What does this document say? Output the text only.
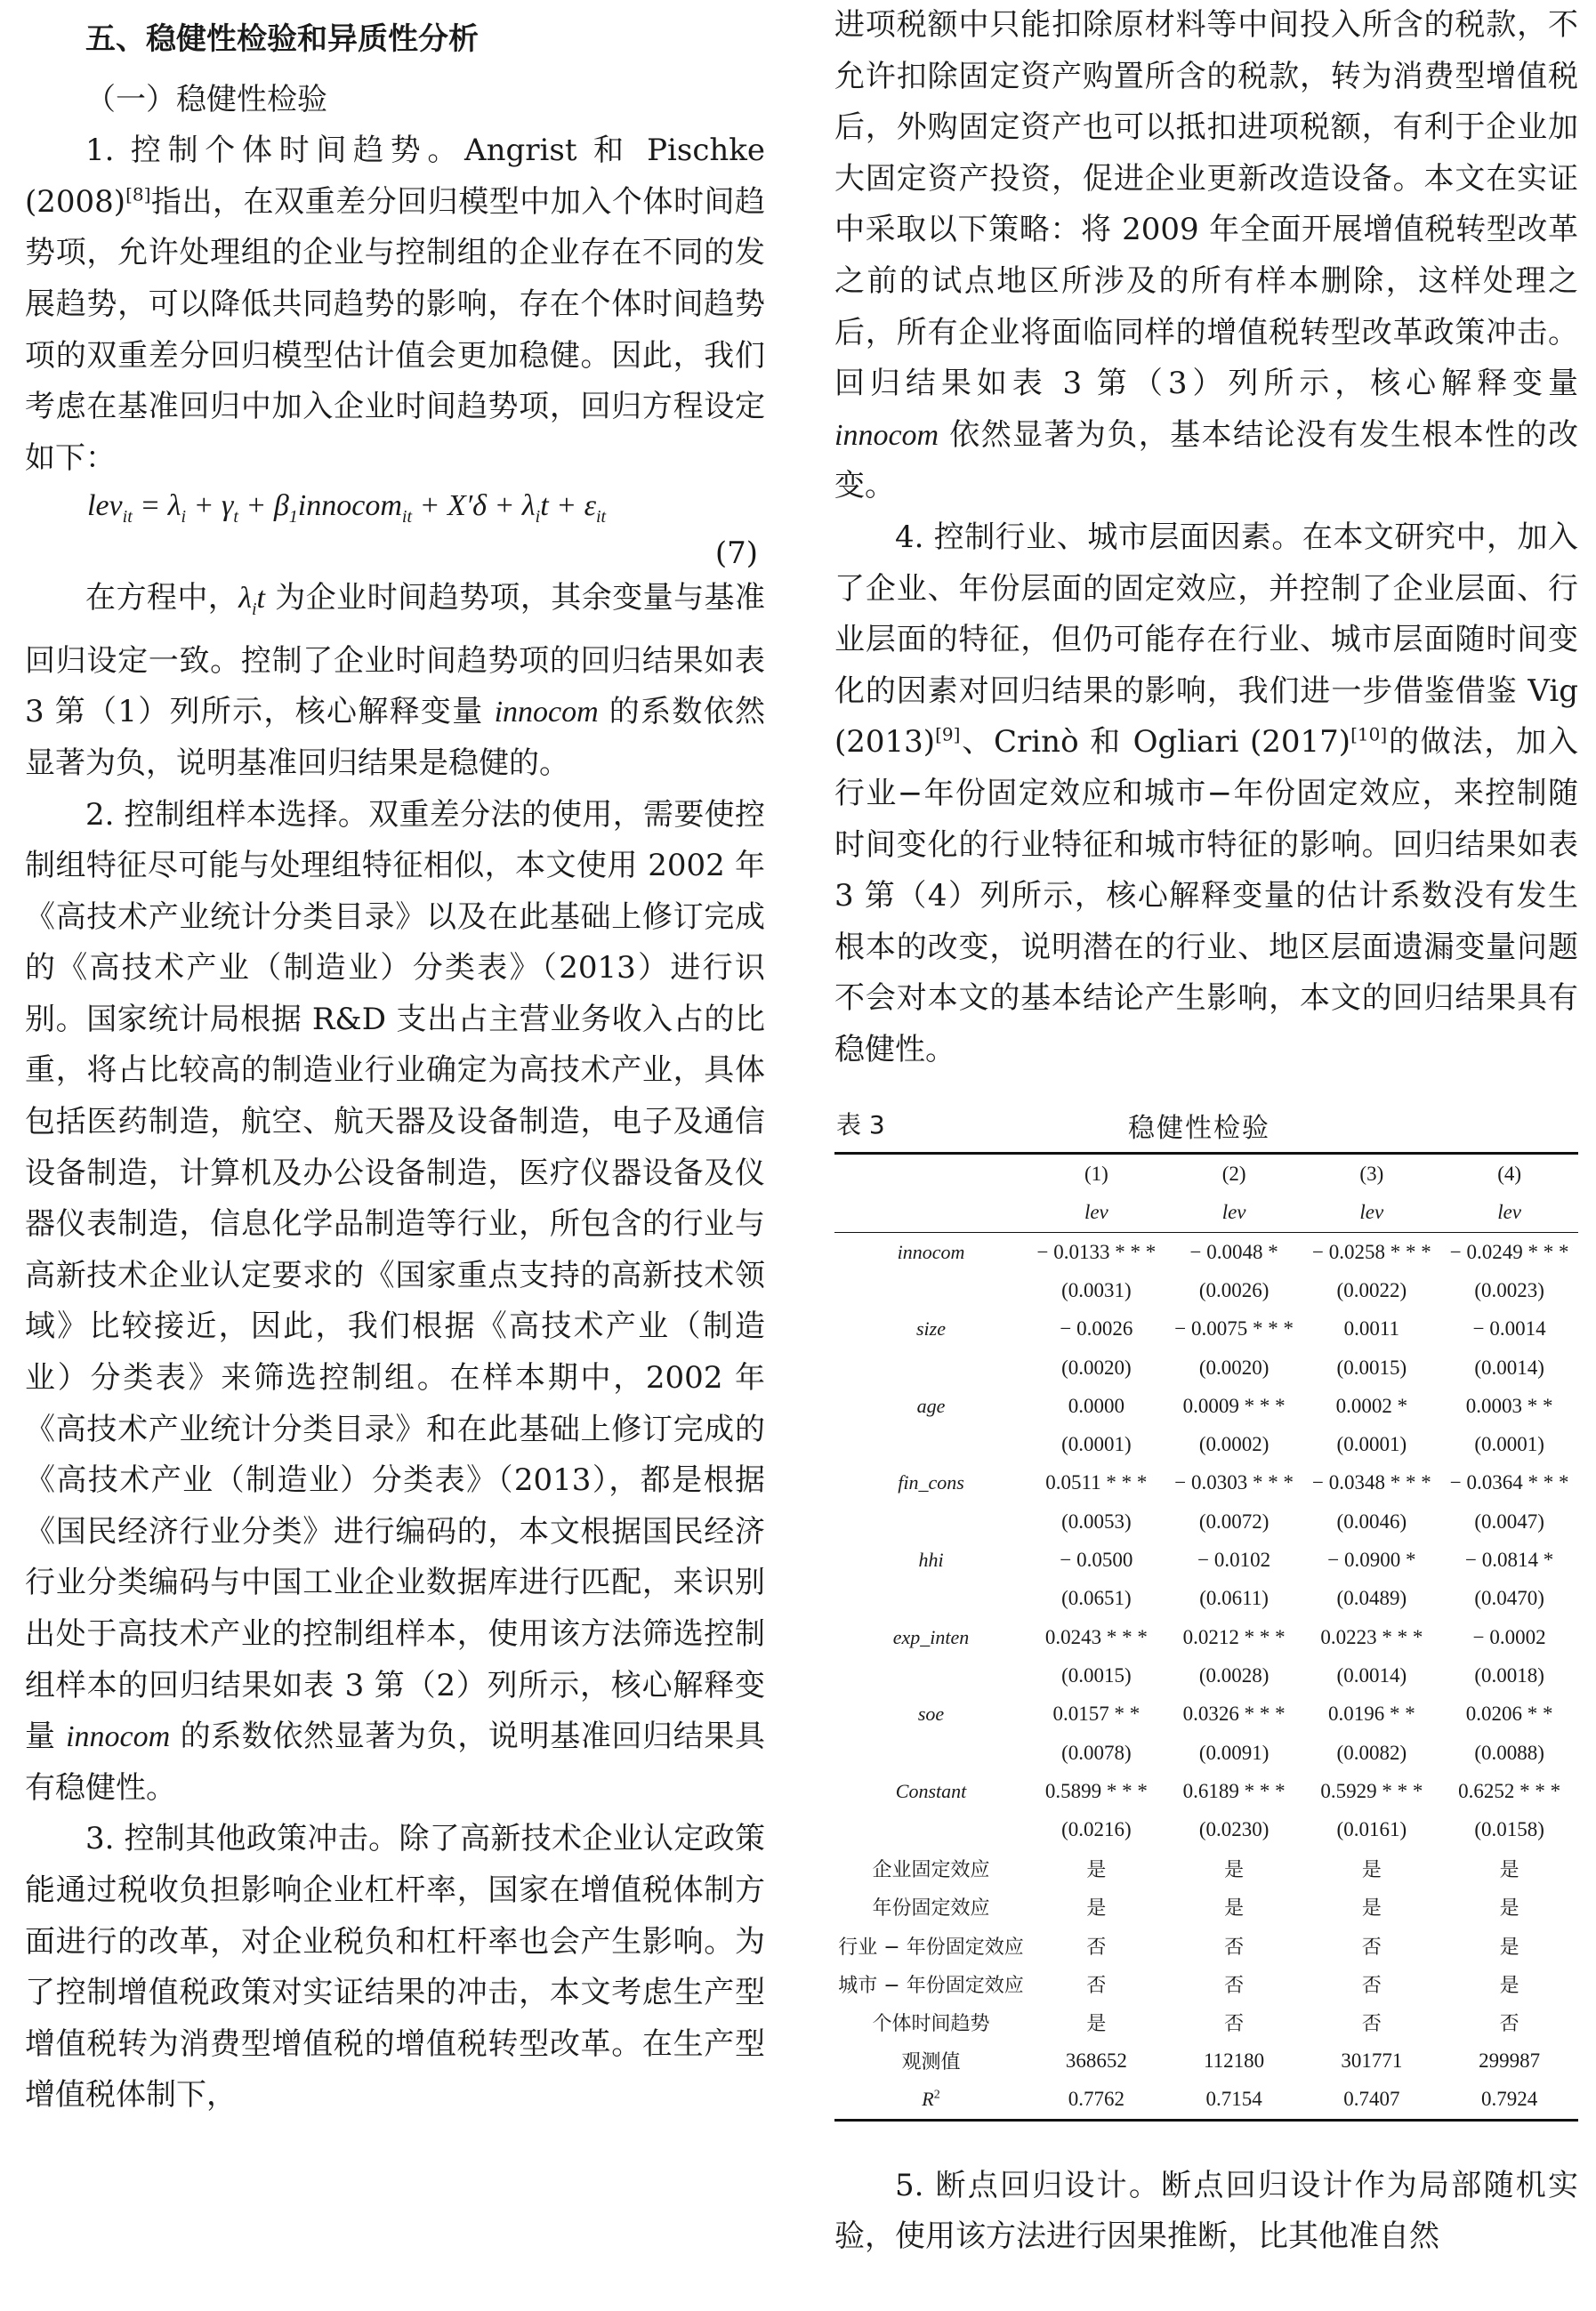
五、稳健性检验和异质性分析

（一）稳健性检验

1. 控制个体时间趋势。Angrist 和 Pischke (2008)[8]指出，在双重差分回归模型中加入个体时间趋势项，允许处理组的企业与控制组的企业存在不同的发展趋势，可以降低共同趋势的影响，存在个体时间趋势项的双重差分回归模型估计值会更加稳健。因此，我们考虑在基准回归中加入企业时间趋势项，回归方程设定如下：

$lev_{it} = \lambda_i + \gamma_t$ + $\beta_1innocom_{it} + X'\delta + \lambda_it + \varepsilon_{it}$
(7)

在方程中，$\lambda_it$ 为企业时间趋势项，其余变量与基准回归设定一致。控制了企业时间趋势项的回归结果如表 3 第（1）列所示，核心解释变量 innocom 的系数依然显著为负，说明基准回归结果是稳健的。

2. 控制组样本选择。双重差分法的使用，需要使控制组特征尽可能与处理组特征相似，本文使用 2002 年《高技术产业统计分类目录》以及在此基础上修订完成的《高技术产业（制造业）分类表》（2013）进行识别。国家统计局根据 R&D 支出占主营业务收入占的比重，将占比较高的制造业行业确定为高技术产业，具体包括医药制造，航空、航天器及设备制造，电子及通信设备制造，计算机及办公设备制造，医疗仪器设备及仪器仪表制造，信息化学品制造等行业，所包含的行业与高新技术企业认定要求的《国家重点支持的高新技术领域》比较接近，因此，我们根据《高技术产业（制造业）分类表》来筛选控制组。在样本期中，2002 年《高技术产业统计分类目录》和在此基础上修订完成的《高技术产业（制造业）分类表》（2013），都是根据《国民经济行业分类》进行编码的，本文根据国民经济行业分类编码与中国工业企业数据库进行匹配，来识别出处于高技术产业的控制组样本，使用该方法筛选控制组样本的回归结果如表 3 第（2）列所示，核心解释变量 innocom 的系数依然显著为负，说明基准回归结果具有稳健性。

3. 控制其他政策冲击。除了高新技术企业认定政策能通过税收负担影响企业杠杆率，国家在增值税体制方面进行的改革，对企业税负和杠杆率也会产生影响。为了控制增值税政策对实证结果的冲击，本文考虑生产型增值税转为消费型增值税的增值税转型改革。在生产型增值税体制下，

进项税额中只能扣除原材料等中间投入所含的税款，不允许扣除固定资产购置所含的税款，转为消费型增值税后，外购固定资产也可以抵扣进项税额，有利于企业加大固定资产投资，促进企业更新改造设备。本文在实证中采取以下策略：将 2009 年全面开展增值税转型改革之前的试点地区所涉及的所有样本删除，这样处理之后，所有企业将面临同样的增值税转型改革政策冲击。回归结果如表 3 第（3）列所示，核心解释变量 innocom 依然显著为负，基本结论没有发生根本性的改变。

4. 控制行业、城市层面因素。在本文研究中，加入了企业、年份层面的固定效应，并控制了企业层面、行业层面的特征，但仍可能存在行业、城市层面随时间变化的因素对回归结果的影响，我们进一步借鉴借鉴 Vig (2013)[9]、Crinò 和 Ogliari (2017)[10]的做法，加入行业−年份固定效应和城市−年份固定效应，来控制随时间变化的行业特征和城市特征的影响。回归结果如表 3 第（4）列所示，核心解释变量的估计系数没有发生根本的改变，说明潜在的行业、地区层面遗漏变量问题不会对本文的基本结论产生影响，本文的回归结果具有稳健性。

表 3	稳健性检验
	(1)	(2)	(3)	(4)
	lev	lev	lev	lev
innocom	− 0.0133 * * *	− 0.0048 *	− 0.0258 * * *	− 0.0249 * * *
	(0.0031)	(0.0026)	(0.0022)	(0.0023)
size	− 0.0026	− 0.0075 * * *	0.0011	− 0.0014
	(0.0020)	(0.0020)	(0.0015)	(0.0014)
age	0.0000	0.0009 * * *	0.0002 *	0.0003 * *
	(0.0001)	(0.0002)	(0.0001)	(0.0001)
fin_cons	0.0511 * * *	− 0.0303 * * *	− 0.0348 * * *	− 0.0364 * * *
	(0.0053)	(0.0072)	(0.0046)	(0.0047)
hhi	− 0.0500	− 0.0102	− 0.0900 *	− 0.0814 *
	(0.0651)	(0.0611)	(0.0489)	(0.0470)
exp_inten	0.0243 * * *	0.0212 * * *	0.0223 * * *	− 0.0002
	(0.0015)	(0.0028)	(0.0014)	(0.0018)
soe	0.0157 * *	0.0326 * * *	0.0196 * *	0.0206 * *
	(0.0078)	(0.0091)	(0.0082)	(0.0088)
Constant	0.5899 * * *	0.6189 * * *	0.5929 * * *	0.6252 * * *
	(0.0216)	(0.0230)	(0.0161)	(0.0158)
企业固定效应	是	是	是	是
年份固定效应	是	是	是	是
行业 − 年份固定效应	否	否	否	是
城市 − 年份固定效应	否	否	否	是
个体时间趋势	是	否	否	否
观测值	368652	112180	301771	299987
$R^2$	0.7762	0.7154	0.7407	0.7924

5. 断点回归设计。断点回归设计作为局部随机实验，使用该方法进行因果推断，比其他准自然
